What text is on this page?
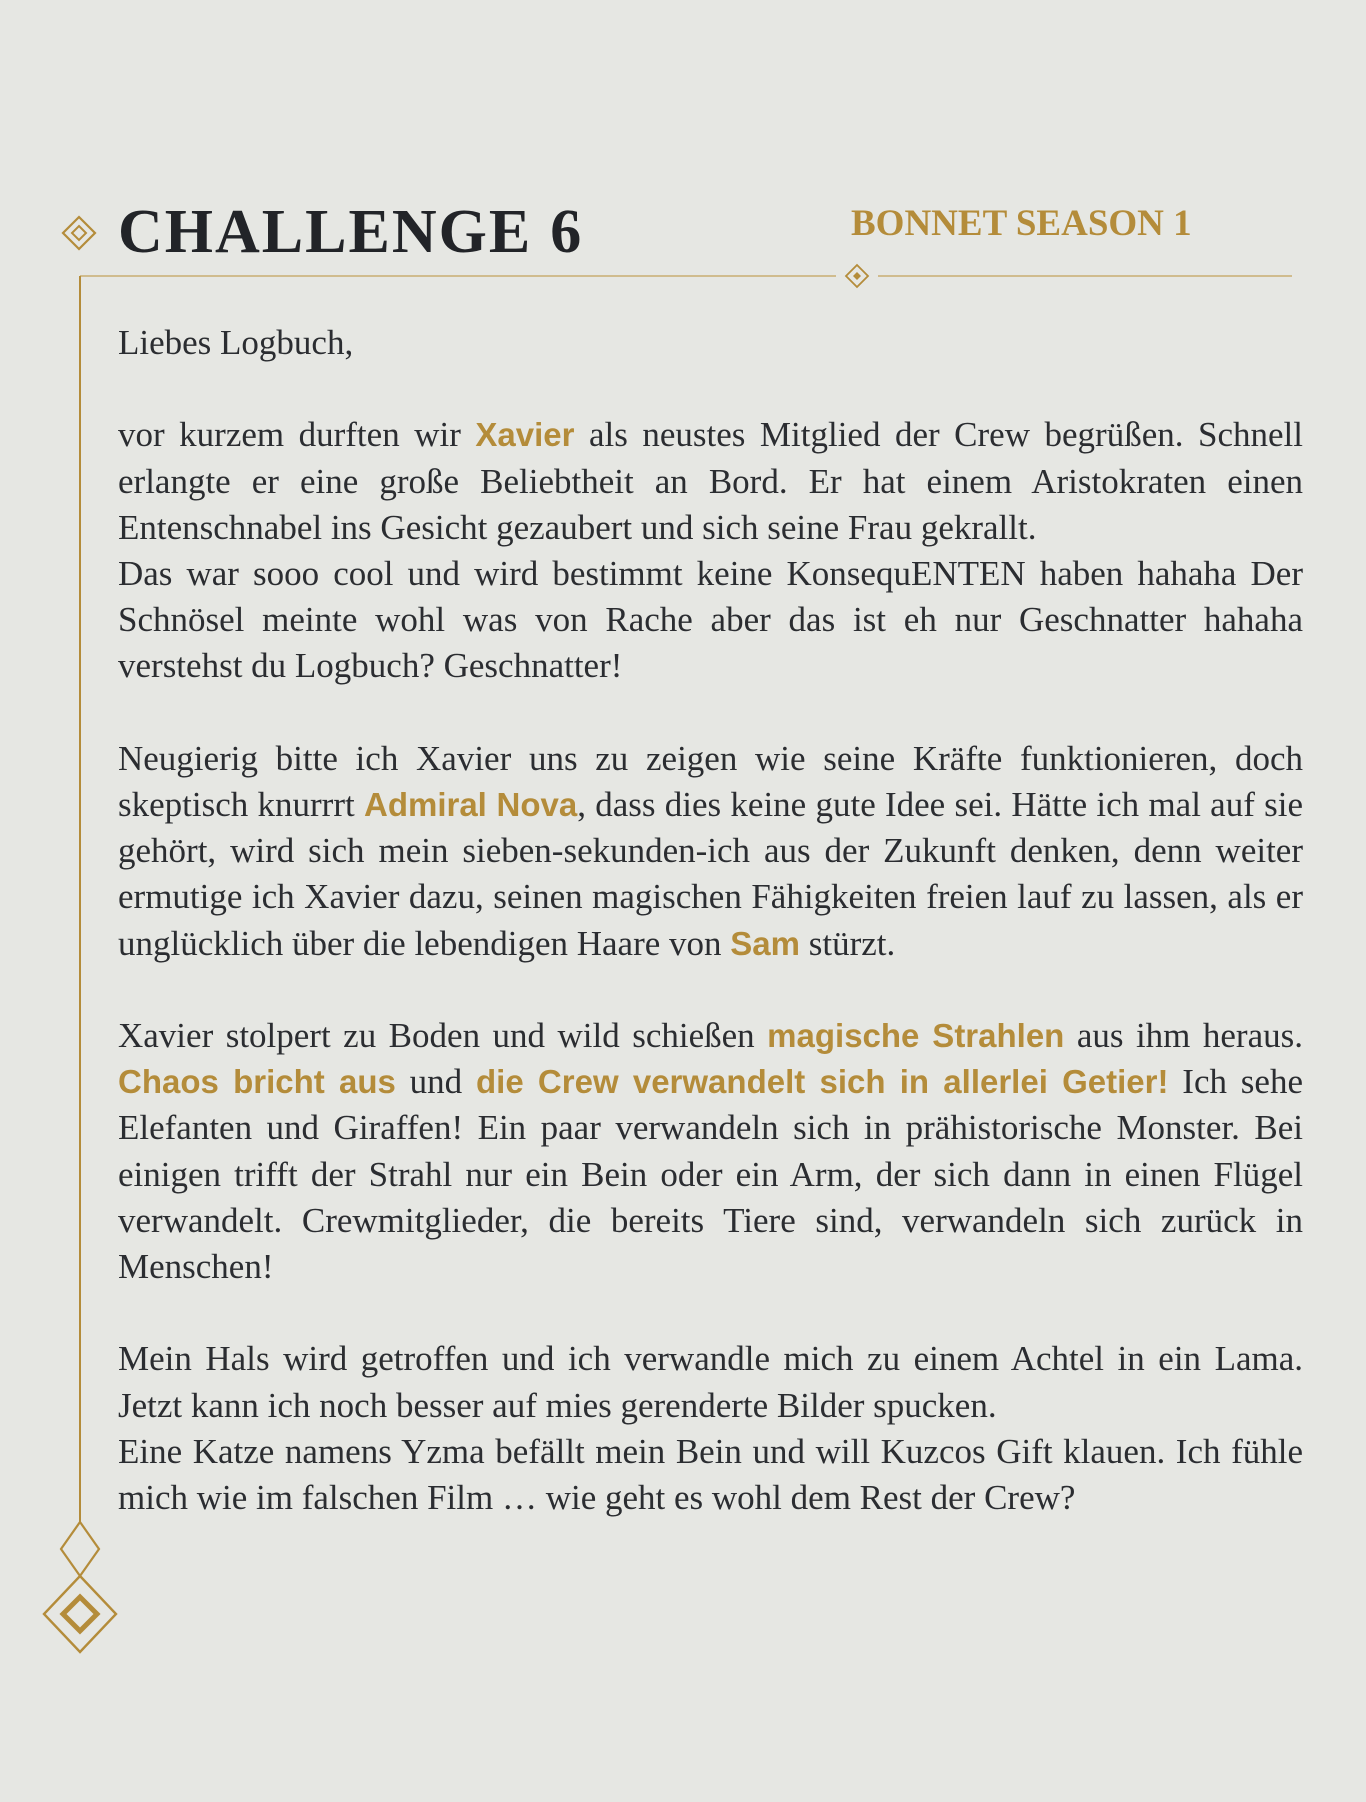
CHALLENGE 6	BONNET SEASON 1

Liebes Logbuch,

vor kurzem durften wir Xavier als neustes Mitglied der Crew begrüßen. Schnell erlangte er eine große Beliebtheit an Bord. Er hat einem Aristokraten einen Entenschnabel ins Gesicht gezaubert und sich seine Frau gekrallt.
Das war sooo cool und wird bestimmt keine KonsequENTEN haben hahaha Der Schnösel meinte wohl was von Rache aber das ist eh nur Geschnatter hahaha verstehst du Logbuch? Geschnatter!

Neugierig bitte ich Xavier uns zu zeigen wie seine Kräfte funktionieren, doch skeptisch knurrrt Admiral Nova, dass dies keine gute Idee sei. Hätte ich mal auf sie gehört, wird sich mein sieben-sekunden-ich aus der Zukunft denken, denn weiter ermutige ich Xavier dazu, seinen magischen Fähigkeiten freien lauf zu lassen, als er unglücklich über die lebendigen Haare von Sam stürzt.

Xavier stolpert zu Boden und wild schießen magische Strahlen aus ihm heraus. Chaos bricht aus und die Crew verwandelt sich in allerlei Getier! Ich sehe Elefanten und Giraffen! Ein paar verwandeln sich in prähistorische Monster. Bei einigen trifft der Strahl nur ein Bein oder ein Arm, der sich dann in einen Flügel verwandelt. Crewmitglieder, die bereits Tiere sind, verwandeln sich zurück in Menschen!

Mein Hals wird getroffen und ich verwandle mich zu einem Achtel in ein Lama. Jetzt kann ich noch besser auf mies gerenderte Bilder spucken.
Eine Katze namens Yzma befällt mein Bein und will Kuzcos Gift klauen. Ich fühle mich wie im falschen Film … wie geht es wohl dem Rest der Crew?
